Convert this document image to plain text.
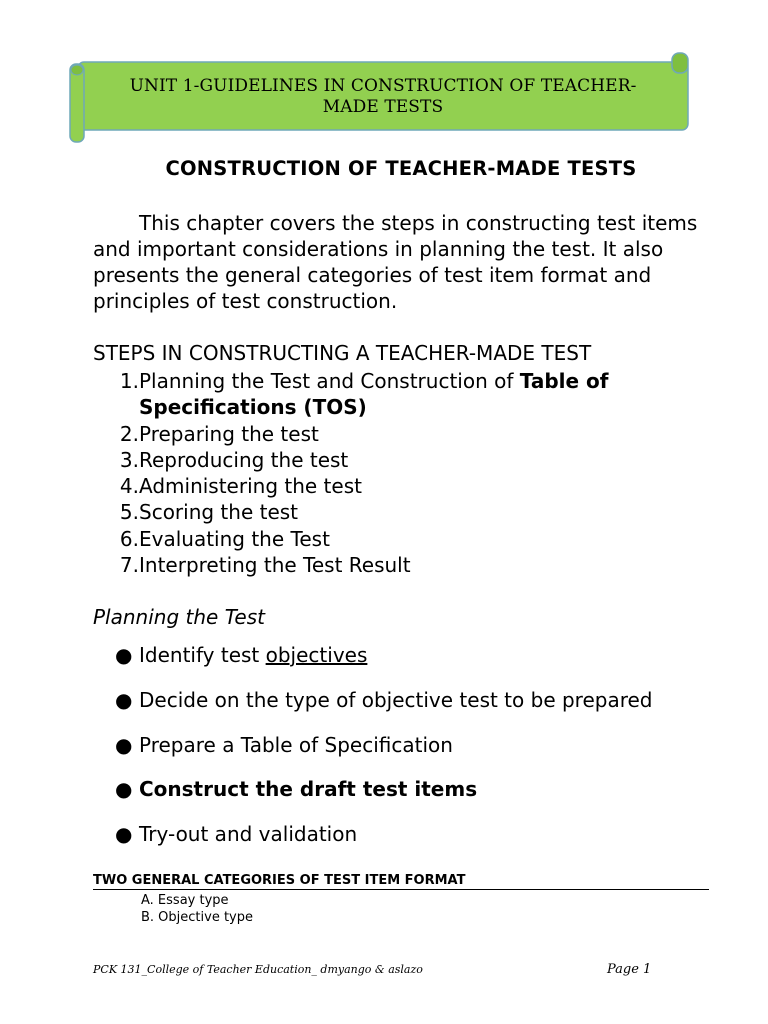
UNIT 1-GUIDELINES IN CONSTRUCTION OF TEACHER-
MADE TESTS
CONSTRUCTION OF TEACHER-MADE TESTS
This chapter covers the steps in constructing test items
and important considerations in planning the test. It also
presents the general categories of test item format and
principles of test construction.
STEPS IN CONSTRUCTING A TEACHER-MADE TEST
1. Planning the Test and Construction of Table of
Specifications (TOS)
2. Preparing the test
3. Reproducing the test
4. Administering the test
5. Scoring the test
6. Evaluating the Test
7. Interpreting the Test Result
Planning the Test
● Identify test objectives
● Decide on the type of objective test to be prepared
● Prepare a Table of Specification
● Construct the draft test items
● Try-out and validation
TWO GENERAL CATEGORIES OF TEST ITEM FORMAT
A. Essay type
B. Objective type
PCK 131_College of Teacher Education_ dmyango & aslazo	Page 1
